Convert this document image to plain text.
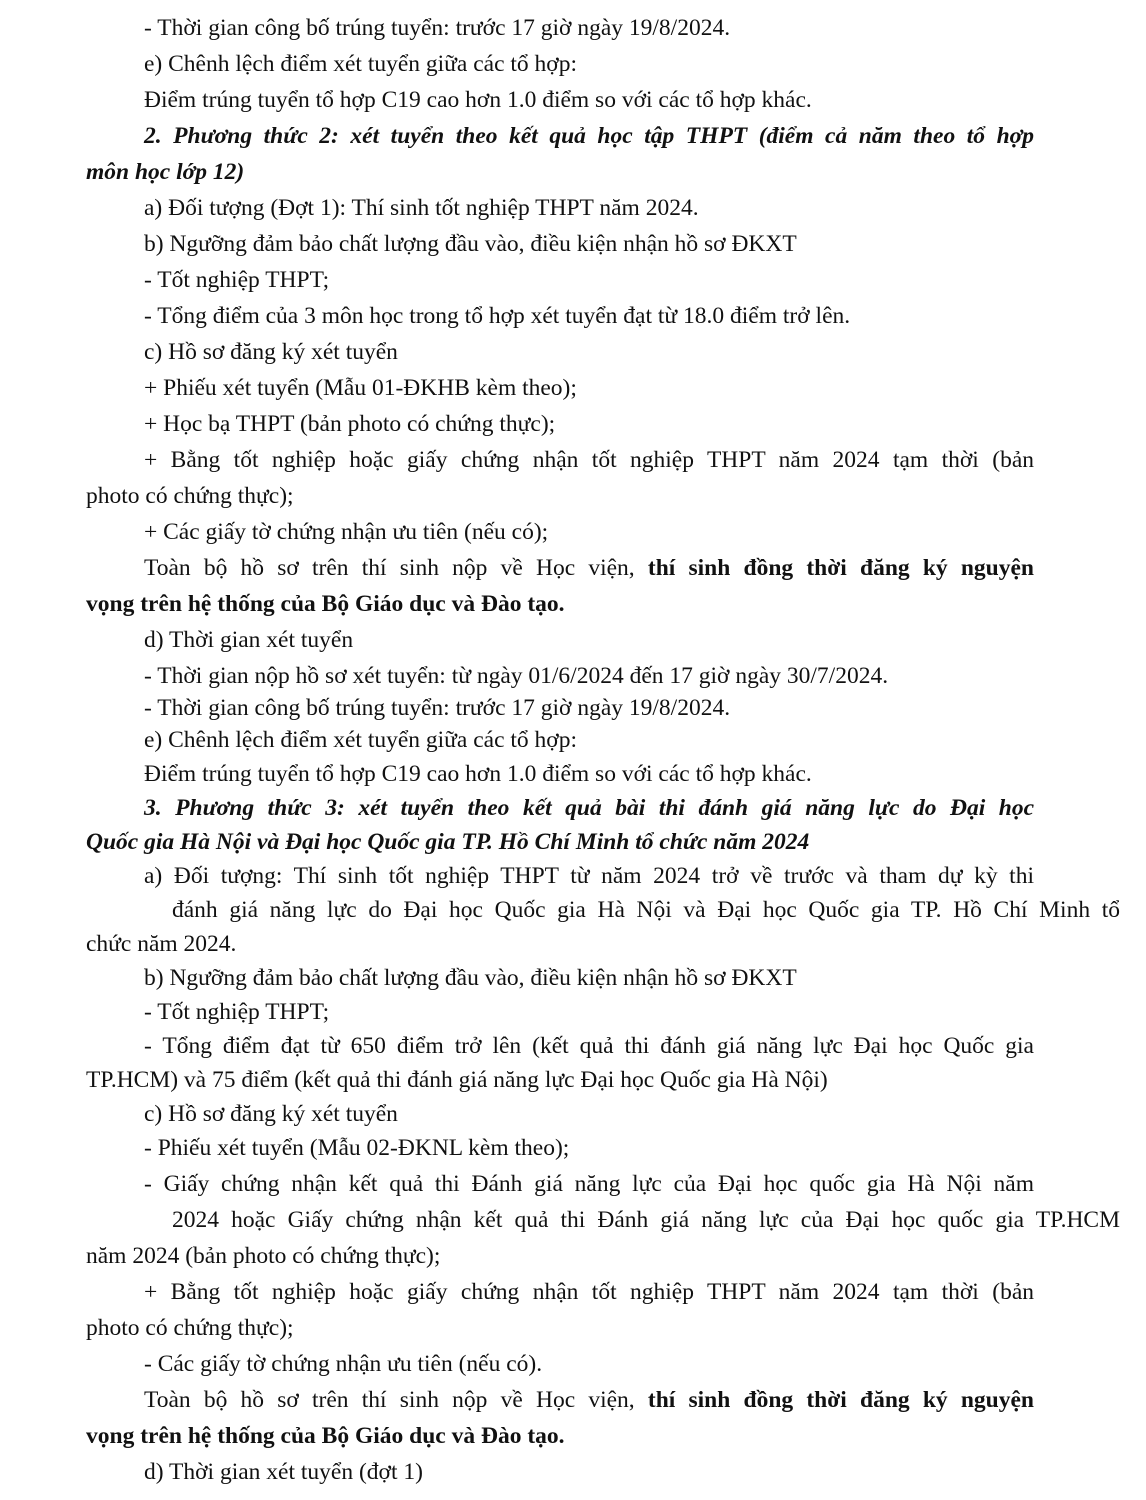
- Thời gian công bố trúng tuyển: trước 17 giờ ngày 19/8/2024.
e) Chênh lệch điểm xét tuyển giữa các tổ hợp:
Điểm trúng tuyển tổ hợp C19 cao hơn 1.0 điểm so với các tổ hợp khác.
2. Phương thức 2: xét tuyển theo kết quả học tập THPT (điểm cả năm theo tổ hợp
môn học lớp 12)
a) Đối tượng (Đợt 1): Thí sinh tốt nghiệp THPT năm 2024.
b) Ngưỡng đảm bảo chất lượng đầu vào, điều kiện nhận hồ sơ ĐKXT
- Tốt nghiệp THPT;
- Tổng điểm của 3 môn học trong tổ hợp xét tuyển đạt từ 18.0 điểm trở lên.
c) Hồ sơ đăng ký xét tuyển
+ Phiếu xét tuyển (Mẫu 01-ĐKHB kèm theo);
+ Học bạ THPT (bản photo có chứng thực);
+ Bằng tốt nghiệp hoặc giấy chứng nhận tốt nghiệp THPT năm 2024 tạm thời (bản
photo có chứng thực);
+ Các giấy tờ chứng nhận ưu tiên (nếu có);
Toàn bộ hồ sơ trên thí sinh nộp về Học viện, thí sinh đồng thời đăng ký nguyện
vọng trên hệ thống của Bộ Giáo dục và Đào tạo.
d) Thời gian xét tuyển
- Thời gian nộp hồ sơ xét tuyển: từ ngày 01/6/2024 đến 17 giờ ngày 30/7/2024.
- Thời gian công bố trúng tuyển: trước 17 giờ ngày 19/8/2024.
e) Chênh lệch điểm xét tuyển giữa các tổ hợp:
Điểm trúng tuyển tổ hợp C19 cao hơn 1.0 điểm so với các tổ hợp khác.
3. Phương thức 3: xét tuyển theo kết quả bài thi đánh giá năng lực do Đại học
Quốc gia Hà Nội và Đại học Quốc gia TP. Hồ Chí Minh tổ chức năm 2024
a) Đối tượng: Thí sinh tốt nghiệp THPT từ năm 2024 trở về trước và tham dự kỳ thi
đánh giá năng lực do Đại học Quốc gia Hà Nội và Đại học Quốc gia TP. Hồ Chí Minh tổ
chức năm 2024.
b) Ngưỡng đảm bảo chất lượng đầu vào, điều kiện nhận hồ sơ ĐKXT
- Tốt nghiệp THPT;
- Tổng điểm đạt từ 650 điểm trở lên (kết quả thi đánh giá năng lực Đại học Quốc gia
TP.HCM) và 75 điểm (kết quả thi đánh giá năng lực Đại học Quốc gia Hà Nội)
c) Hồ sơ đăng ký xét tuyển
- Phiếu xét tuyển (Mẫu 02-ĐKNL kèm theo);
- Giấy chứng nhận kết quả thi Đánh giá năng lực của Đại học quốc gia Hà Nội năm
2024 hoặc Giấy chứng nhận kết quả thi Đánh giá năng lực của Đại học quốc gia TP.HCM
năm 2024 (bản photo có chứng thực);
+ Bằng tốt nghiệp hoặc giấy chứng nhận tốt nghiệp THPT năm 2024 tạm thời (bản
photo có chứng thực);
- Các giấy tờ chứng nhận ưu tiên (nếu có).
Toàn bộ hồ sơ trên thí sinh nộp về Học viện, thí sinh đồng thời đăng ký nguyện
vọng trên hệ thống của Bộ Giáo dục và Đào tạo.
d) Thời gian xét tuyển (đợt 1)
